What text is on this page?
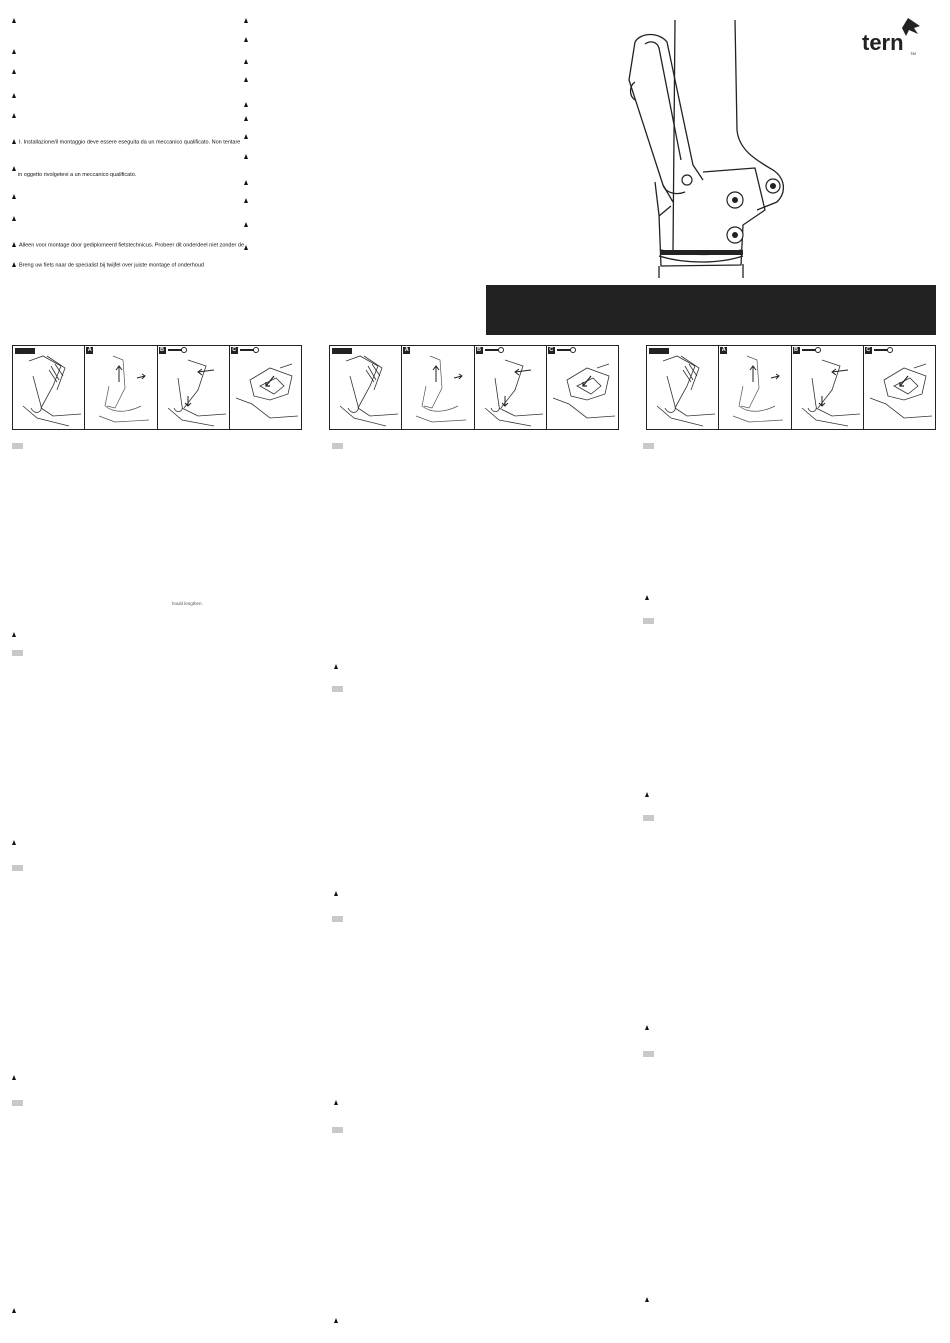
I. Installazione/il montaggio deve essere eseguita da un meccanico qualificato. Non tentare
in oggetto rivolgetevi a un meccanico qualificato.
Alleen voor montage door gediplomeerd fietstechnicus. Probeer dit onderdeel niet zonder de
Breng uw fiets naar de specialist bij twijfel over juiste montage of onderhoud
tern TM
A	B	C	A	B	C	A	B	C
hould lengthen.
